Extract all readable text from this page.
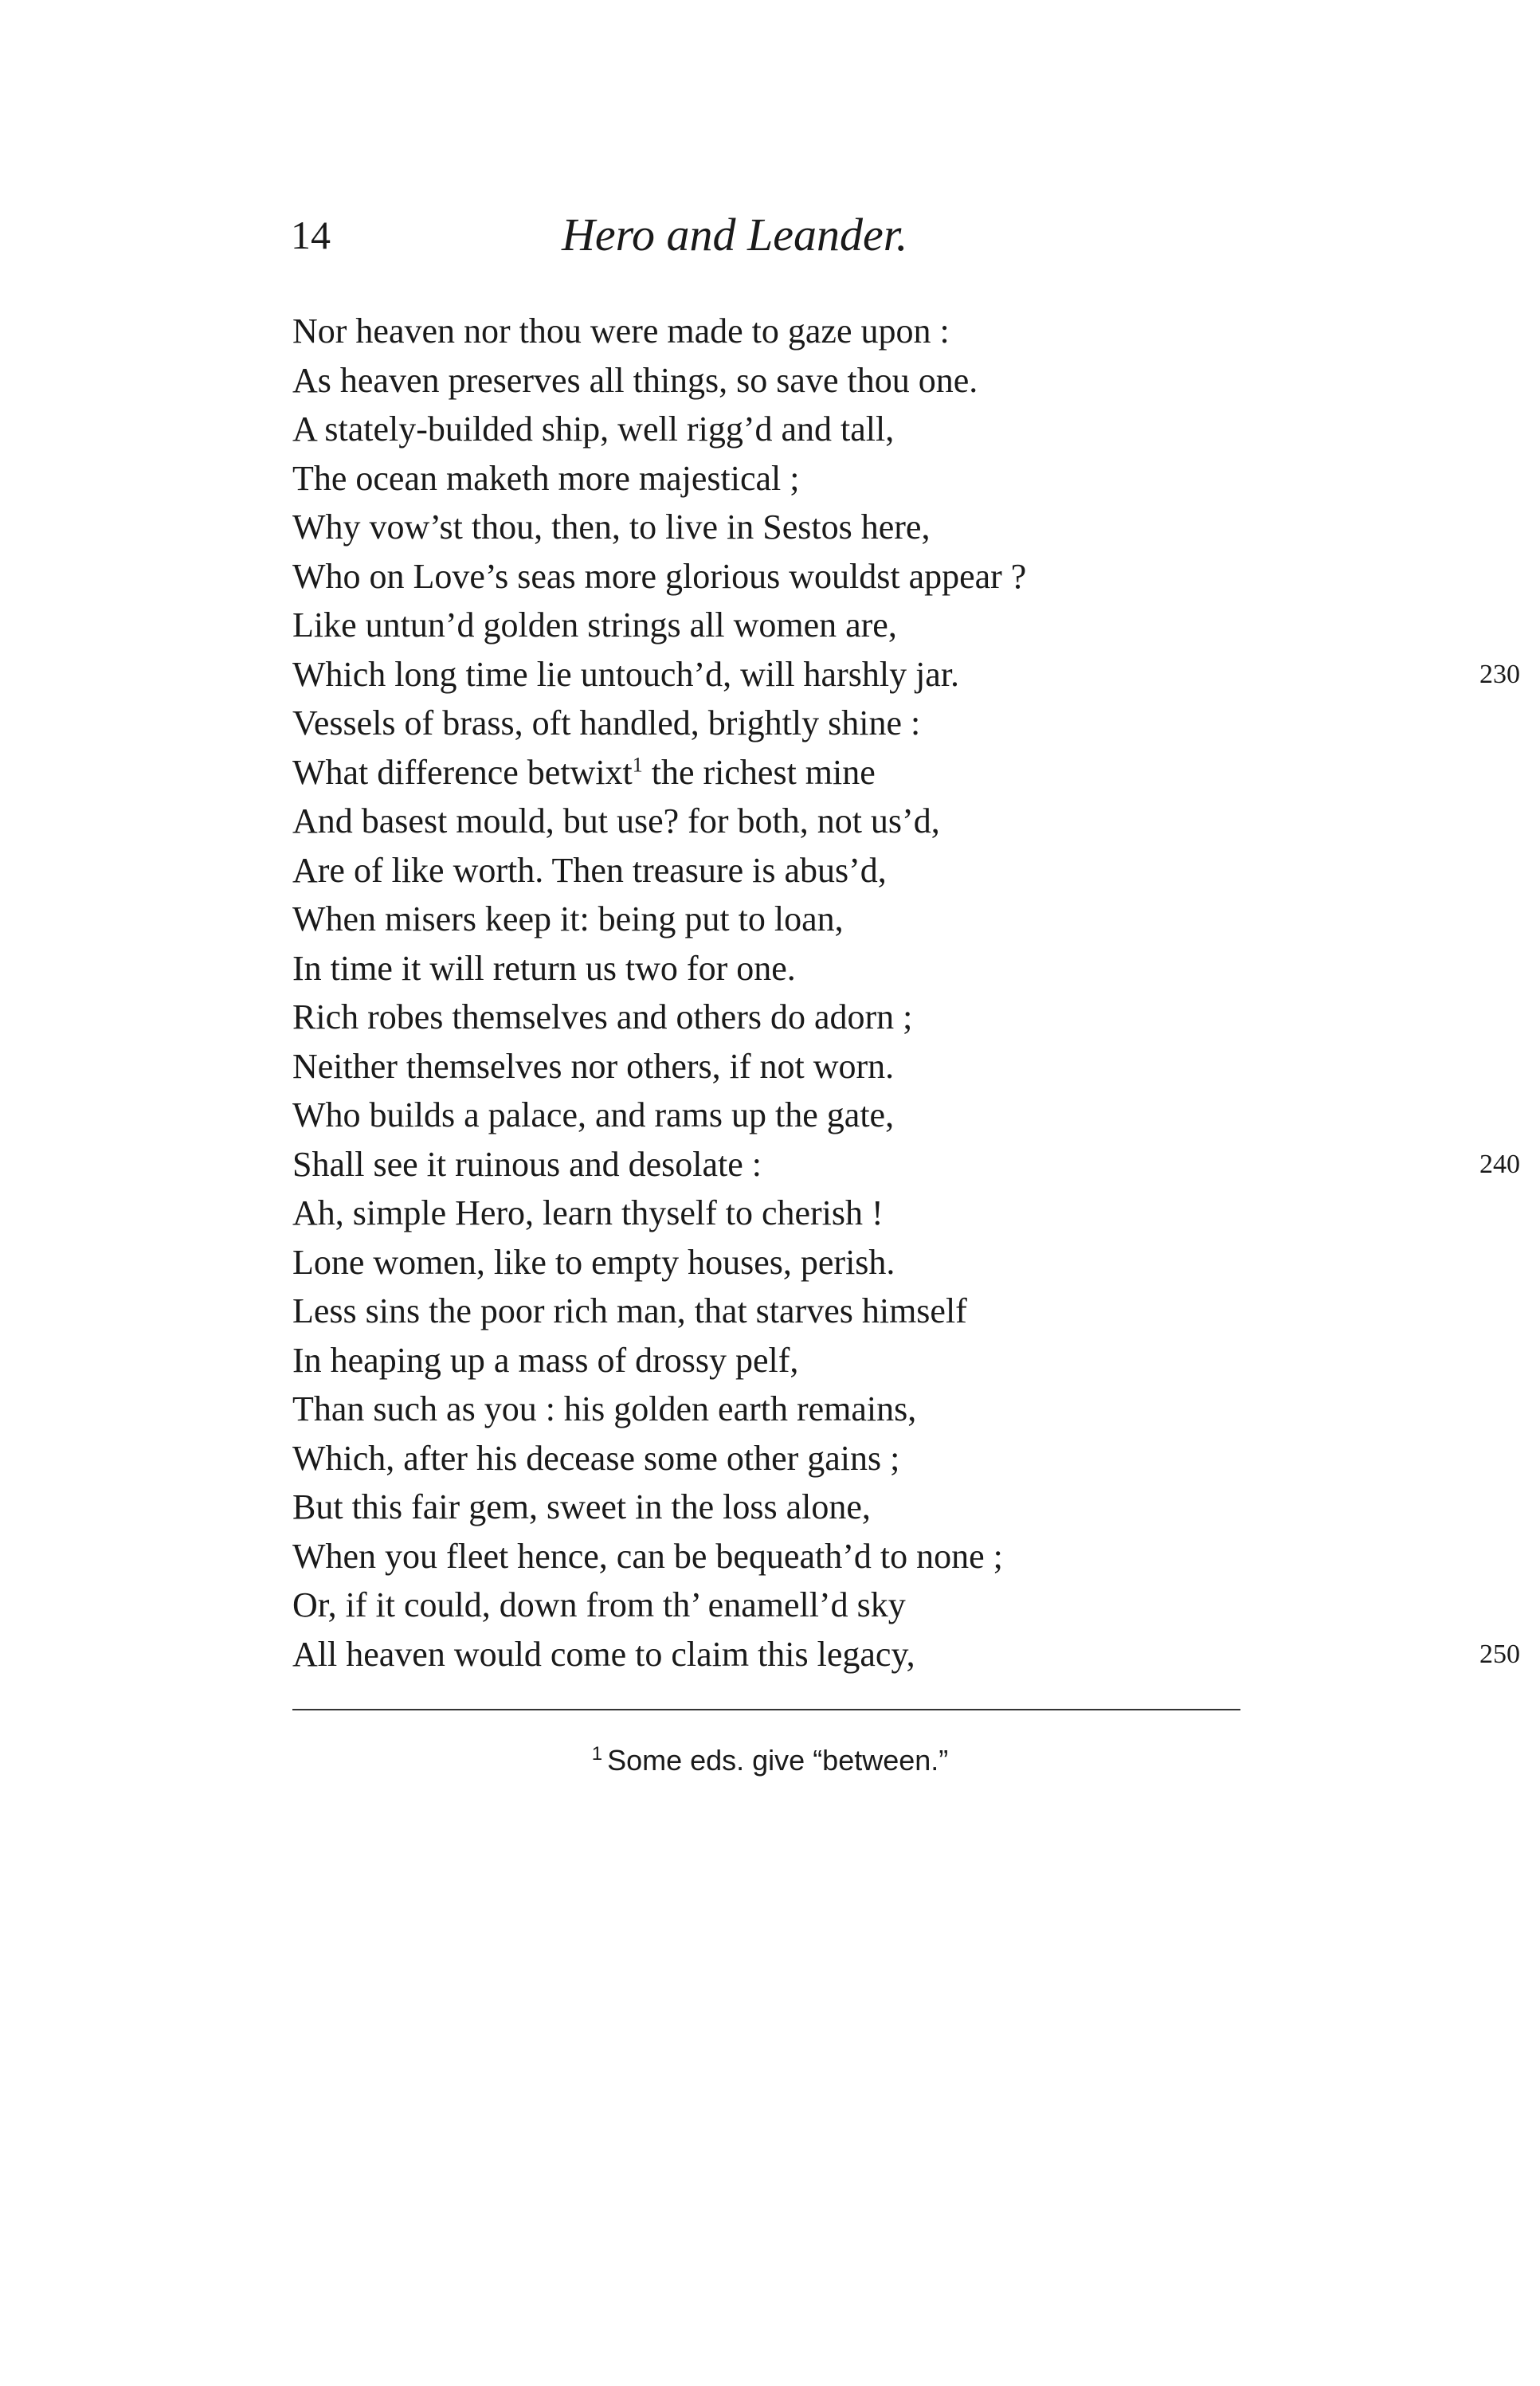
14	Hero and Leander.
Nor heaven nor thou were made to gaze upon :
As heaven preserves all things, so save thou one.
A stately-builded ship, well rigg’d and tall,
The ocean maketh more majestical ;
Why vow’st thou, then, to live in Sestos here,
Who on Love’s seas more glorious wouldst appear ?
Like untun’d golden strings all women are,
Which long time lie untouch’d, will harshly jar.	230
Vessels of brass, oft handled, brightly shine :
What difference betwixt$^1$ the richest mine
And basest mould, but use? for both, not us’d,
Are of like worth. Then treasure is abus’d,
When misers keep it: being put to loan,
In time it will return us two for one.
Rich robes themselves and others do adorn ;
Neither themselves nor others, if not worn.
Who builds a palace, and rams up the gate,
Shall see it ruinous and desolate :	240
Ah, simple Hero, learn thyself to cherish !
Lone women, like to empty houses, perish.
Less sins the poor rich man, that starves himself
In heaping up a mass of drossy pelf,
Than such as you : his golden earth remains,
Which, after his decease some other gains ;
But this fair gem, sweet in the loss alone,
When you fleet hence, can be bequeath’d to none ;
Or, if it could, down from th’ enamell’d sky
All heaven would come to claim this legacy,	250
$^1$ Some eds. give “between.”
